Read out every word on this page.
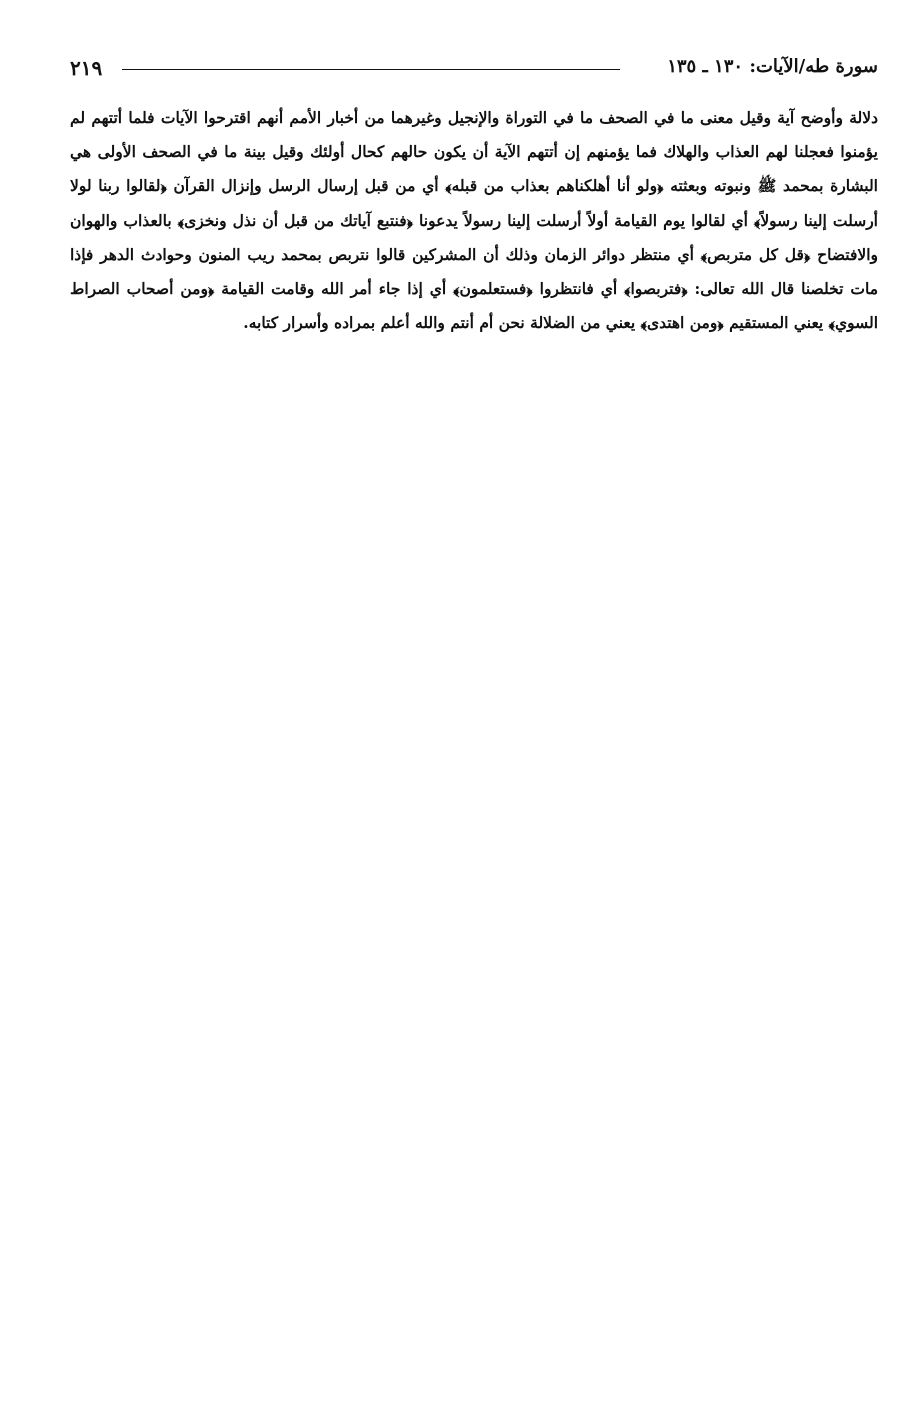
سورة طه/الآيات: ١٣٠ ـ ١٣٥
٢١٩

دلالة وأوضح آية وقيل معنى ما في الصحف ما في التوراة والإنجيل وغيرهما من أخبار الأمم أنهم اقترحوا الآيات فلما أتتهم لم يؤمنوا فعجلنا لهم العذاب والهلاك فما يؤمنهم إن أتتهم الآية أن يكون حالهم كحال أولئك وقيل بينة ما في الصحف الأولى هي البشارة بمحمد ﷺ ونبوته وبعثته ﴿ولو أنا أهلكناهم بعذاب من قبله﴾ أي من قبل إرسال الرسل وإنزال القرآن ﴿لقالوا ربنا لولا أرسلت إلينا رسولاً﴾ أي لقالوا يوم القيامة أولاً أرسلت إلينا رسولاً يدعونا ﴿فنتبع آياتك من قبل أن نذل ونخزى﴾ بالعذاب والهوان والافتضاح ﴿قل كل متربص﴾ أي منتظر دوائر الزمان وذلك أن المشركين قالوا نتربص بمحمد ريب المنون وحوادث الدهر فإذا مات تخلصنا قال الله تعالى: ﴿فتربصوا﴾ أي فانتظروا ﴿فستعلمون﴾ أي إذا جاء أمر الله وقامت القيامة ﴿ومن أصحاب الصراط السوي﴾ يعني المستقيم ﴿ومن اهتدى﴾ يعني من الضلالة نحن أم أنتم والله أعلم بمراده وأسرار كتابه.
